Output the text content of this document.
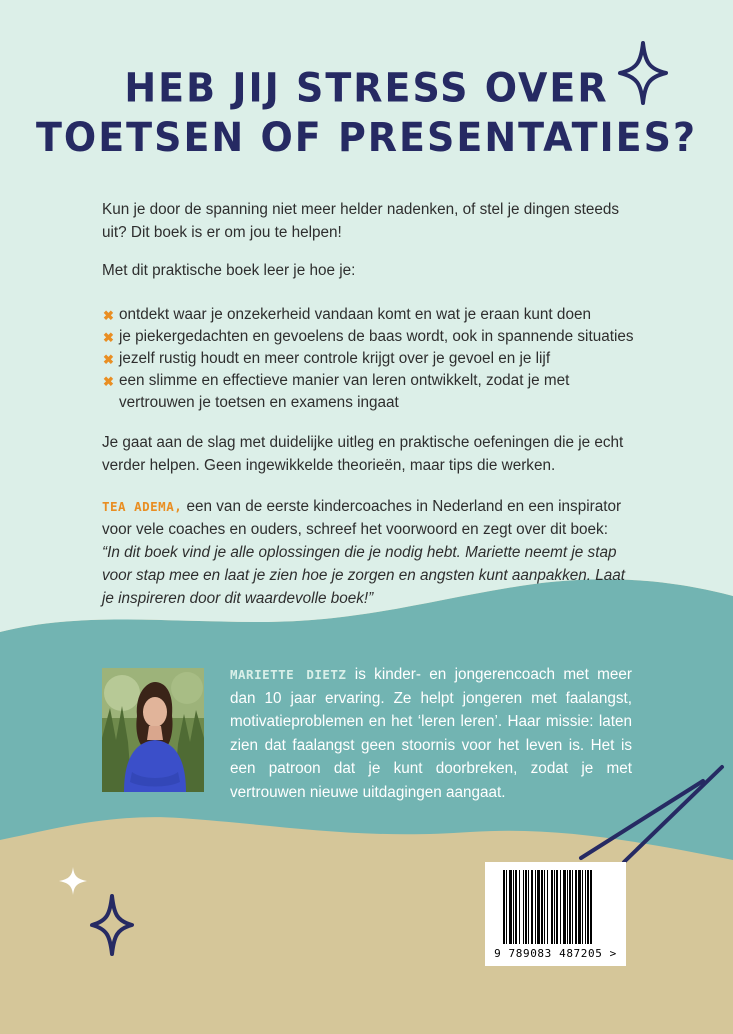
HEB JIJ STRESS OVER
TOETSEN OF PRESENTATIES?

Kun je door de spanning niet meer helder nadenken, of stel je dingen steeds uit? Dit boek is er om jou te helpen!

Met dit praktische boek leer je hoe je:

✖ ontdekt waar je onzekerheid vandaan komt en wat je eraan kunt doen
✖ je piekergedachten en gevoelens de baas wordt, ook in spannende situaties
✖ jezelf rustig houdt en meer controle krijgt over je gevoel en je lijf
✖ een slimme en effectieve manier van leren ontwikkelt, zodat je met vertrouwen je toetsen en examens ingaat

Je gaat aan de slag met duidelijke uitleg en praktische oefeningen die je echt verder helpen. Geen ingewikkelde theorieën, maar tips die werken.

TEA ADEMA, een van de eerste kindercoaches in Nederland en een inspirator voor vele coaches en ouders, schreef het voorwoord en zegt over dit boek:
“In dit boek vind je alle oplossingen die je nodig hebt. Mariette neemt je stap voor stap mee en laat je zien hoe je zorgen en angsten kunt aanpakken. Laat je inspireren door dit waardevolle boek!”
MARIETTE DIETZ is kinder- en jongerencoach met meer dan 10 jaar ervaring. Ze helpt jongeren met faalangst, motivatieproblemen en het ‘leren leren’. Haar missie: laten zien dat faalangst geen stoornis voor het leven is. Het is een patroon dat je kunt doorbreken, zodat je met vertrouwen nieuwe uitdagingen aangaat.
9 789083 487205 >
